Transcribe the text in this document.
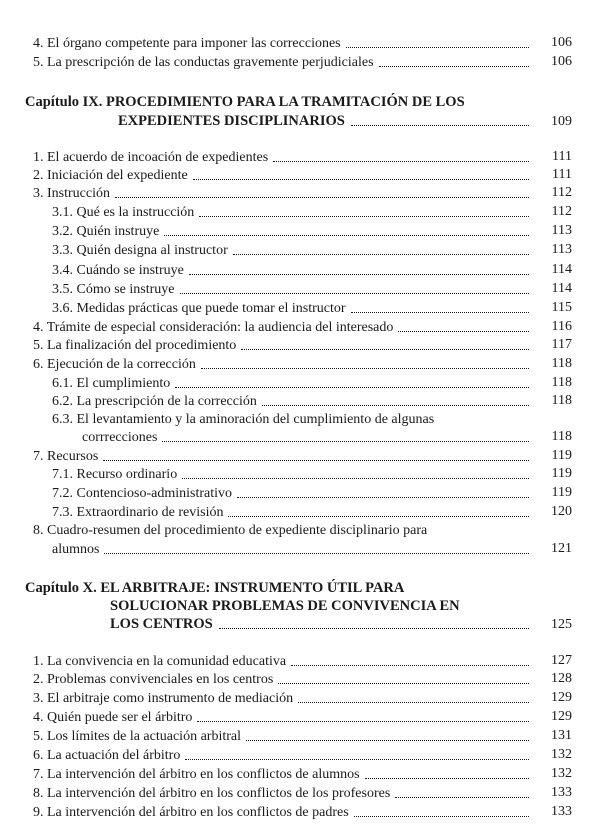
4. El órgano competente para imponer las correcciones	106
5. La prescripción de las conductas gravemente perjudiciales	106
Capítulo IX. PROCEDIMIENTO PARA LA TRAMITACIÓN DE LOS
EXPEDIENTES DISCIPLINARIOS	109
1. El acuerdo de incoación de expedientes	111
2. Iniciación del expediente	111
3. Instrucción	112
3.1. Qué es la instrucción	112
3.2. Quién instruye	113
3.3. Quién designa al instructor	113
3.4. Cuándo se instruye	114
3.5. Cómo se instruye	114
3.6. Medidas prácticas que puede tomar el instructor	115
4. Trámite de especial consideración: la audiencia del interesado	116
5. La finalización del procedimiento	117
6. Ejecución de la corrección	118
6.1. El cumplimiento	118
6.2. La prescripción de la corrección	118
6.3. El levantamiento y la aminoración del cumplimiento de algunas
corrrecciones	118
7. Recursos	119
7.1. Recurso ordinario	119
7.2. Contencioso-administrativo	119
7.3. Extraordinario de revisión	120
8. Cuadro-resumen del procedimiento de expediente disciplinario para
alumnos	121
Capítulo X. EL ARBITRAJE: INSTRUMENTO ÚTIL PARA
SOLUCIONAR PROBLEMAS DE CONVIVENCIA EN
LOS CENTROS	125
1. La convivencia en la comunidad educativa	127
2. Problemas convivenciales en los centros	128
3. El arbitraje como instrumento de mediación	129
4. Quién puede ser el árbitro	129
5. Los límites de la actuación arbitral	131
6. La actuación del árbitro	132
7. La intervención del árbitro en los conflictos de alumnos	132
8. La intervención del árbitro en los conflictos de los profesores	133
9. La intervención del árbitro en los conflictos de padres	133
